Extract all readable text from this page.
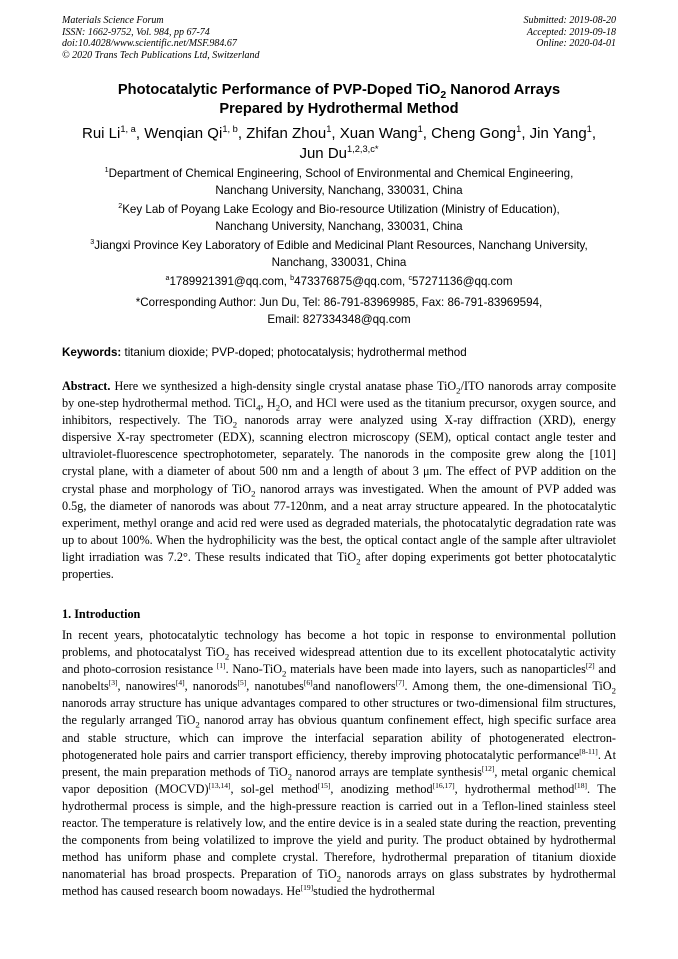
Materials Science Forum
ISSN: 1662-9752, Vol. 984, pp 67-74
doi:10.4028/www.scientific.net/MSF.984.67
© 2020 Trans Tech Publications Ltd, Switzerland
Submitted: 2019-08-20
Accepted: 2019-09-18
Online: 2020-04-01
Photocatalytic Performance of PVP-Doped TiO$_2$ Nanorod Arrays
Prepared by Hydrothermal Method
Rui Li$^{1, a}$, Wenqian Qi$^{1, b}$, Zhifan Zhou$^1$, Xuan Wang$^1$, Cheng Gong$^1$, Jin Yang$^1$,
Jun $Du^{1,2,3,c*}$
$^1$Department of Chemical Engineering, School of Environmental and Chemical Engineering,
Nanchang University, Nanchang, 330031, China
$^2$Key Lab of Poyang Lake Ecology and Bio-resource Utilization (Ministry of Education),
Nanchang University, Nanchang, 330031, China
$^3$Jiangxi Province Key Laboratory of Edible and Medicinal Plant Resources, Nanchang University,
Nanchang, 330031, China
$^a$1789921391@qq.com, $^b$473376875@qq.com, $^c$57271136@qq.com
*Corresponding Author: Jun Du, Tel: 86-791-83969985, Fax: 86-791-83969594,
Email: 827334348@qq.com
Keywords: titanium dioxide; PVP-doped; photocatalysis; hydrothermal method

Abstract. Here we synthesized a high-density single crystal anatase phase TiO$_2$/ITO nanorods array composite by one-step hydrothermal method. TiCl$_4$, $H_2O$, and HCl were used as the titanium precursor, oxygen source, and inhibitors, respectively. The TiO$_2$ nanorods array were analyzed using X-ray diffraction (XRD), energy dispersive X-ray spectrometer (EDX), scanning electron microscopy (SEM), optical contact angle tester and ultraviolet-fluorescence spectrophotometer, separately. The nanorods in the composite grew along the [101] crystal plane, with a diameter of about 500 nm and a length of about 3 μm. The effect of PVP addition on the crystal phase and morphology of TiO$_2$ nanorod arrays was investigated. When the amount of PVP added was 0.5g, the diameter of nanorods was about 77-120nm, and a neat array structure appeared. In the photocatalytic experiment, methyl orange and acid red were used as degraded materials, the photocatalytic degradation rate was up to about 100%. When the hydrophilicity was the best, the optical contact angle of the sample after ultraviolet light irradiation was 7.2°. These results indicated that TiO$_2$ after doping experiments got better photocatalytic properties.

1. Introduction

In recent years, photocatalytic technology has become a hot topic in response to environmental pollution problems, and photocatalyst TiO$_2$ has received widespread attention due to its excellent photocatalytic activity and photo-corrosion resistance [1]. Nano-TiO$_2$ materials have been made into layers, such as nanoparticles[2] and nanobelts[3], nanowires[4], nanorods[5], nanotubes[6]and nanoflowers[7]. Among them, the one-dimensional TiO$_2$ nanorods array structure has unique advantages compared to other structures or two-dimensional film structures, the regularly arranged TiO$_2$ nanorod array has obvious quantum confinement effect, high specific surface area and stable structure, which can improve the interfacial separation ability of photogenerated electron-photogenerated hole pairs and carrier transport efficiency, thereby improving photocatalytic performance[8-11]. At present, the main preparation methods of TiO$_2$ nanorod arrays are template synthesis[12], metal organic chemical vapor deposition (MOCVD)[13,14], sol-gel method[15], anodizing method[16,17], hydrothermal method[18]. The hydrothermal process is simple, and the high-pressure reaction is carried out in a Teflon-lined stainless steel reactor. The temperature is relatively low, and the entire device is in a sealed state during the reaction, preventing the components from being volatilized to improve the yield and purity. The product obtained by hydrothermal method has uniform phase and complete crystal. Therefore, hydrothermal preparation of titanium dioxide nanomaterial has broad prospects. Preparation of TiO$_2$ nanorods arrays on glass substrates by hydrothermal method has caused research boom nowadays. He[19]studied the hydrothermal
